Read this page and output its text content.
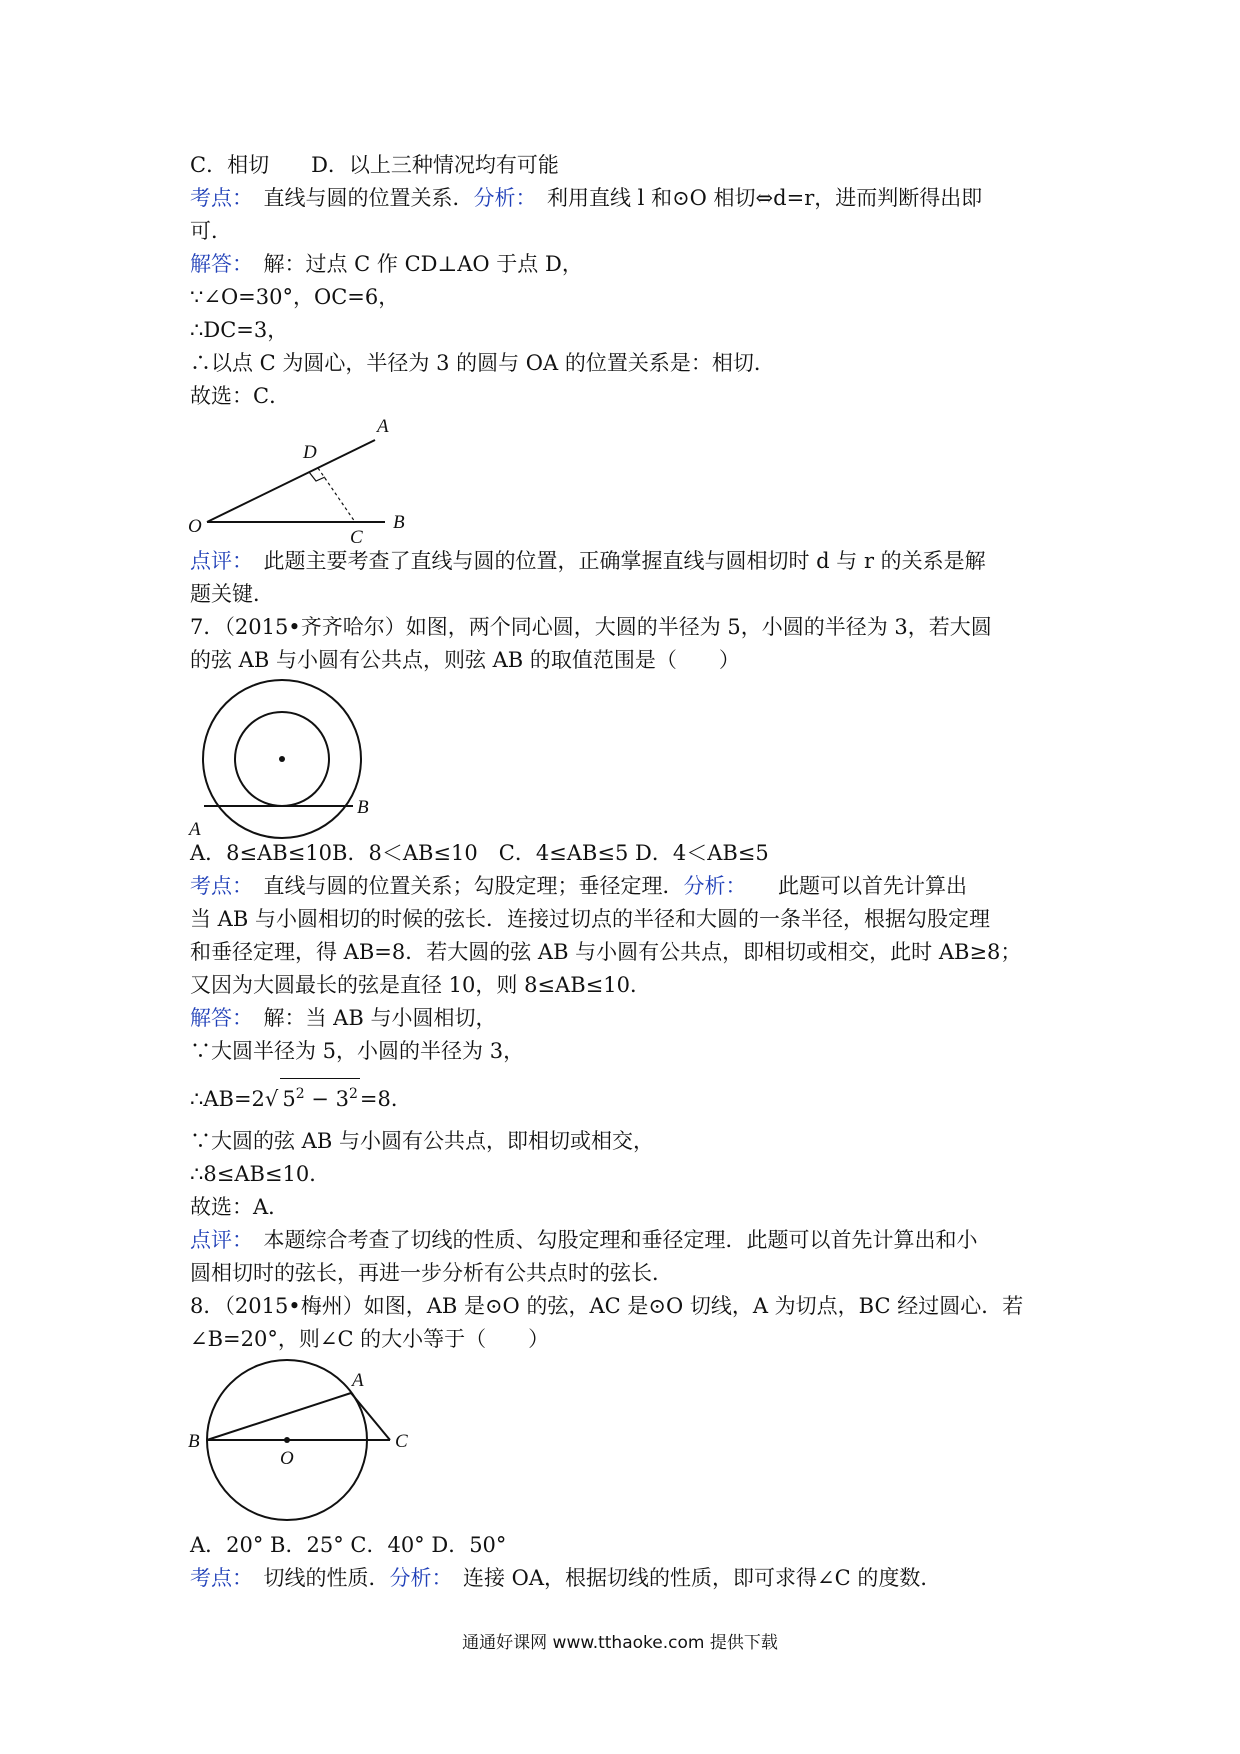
C．相切　　D．以上三种情况均有可能
考点：　直线与圆的位置关系．分析：　利用直线 l 和⊙O 相切⇔d=r，进而判断得出即
可．
解答：　解：过点 C 作 CD⊥AO 于点 D，
∵∠O=30°，OC=6，
∴DC=3，
∴以点 C 为圆心，半径为 3 的圆与 OA 的位置关系是：相切．
故选：C．
A
D
O
C
B
点评：　此题主要考查了直线与圆的位置，正确掌握直线与圆相切时 d 与 r 的关系是解
题关键．
7．（2015•齐齐哈尔）如图，两个同心圆，大圆的半径为 5，小圆的半径为 3，若大圆
的弦 AB 与小圆有公共点，则弦 AB 的取值范围是（　　）
A
B
A．8≤AB≤10B．8＜AB≤10　C．4≤AB≤5 D．4＜AB≤5
考点：　直线与圆的位置关系；勾股定理；垂径定理．分析：　　此题可以首先计算出
当 AB 与小圆相切的时候的弦长．连接过切点的半径和大圆的一条半径，根据勾股定理
和垂径定理，得 AB=8．若大圆的弦 AB 与小圆有公共点，即相切或相交，此时 AB≥8；
又因为大圆最长的弦是直径 10，则 8≤AB≤10．
解答：　解：当 AB 与小圆相切，
∵大圆半径为 5，小圆的半径为 3，
∴AB=2√ $5^2 - 3^2=8$．
∵大圆的弦 AB 与小圆有公共点，即相切或相交，
∴8≤AB≤10．
故选：A．
点评：　本题综合考查了切线的性质、勾股定理和垂径定理．此题可以首先计算出和小
圆相切时的弦长，再进一步分析有公共点时的弦长．
8．（2015•梅州）如图，AB 是⊙O 的弦，AC 是⊙O 切线，A 为切点，BC 经过圆心．若
∠B=20°，则∠C 的大小等于（　　）
A
B
O
C
A．20° B．25° C．40° D．50°
考点：　切线的性质．分析：　连接 OA，根据切线的性质，即可求得∠C 的度数．
通通好课网 www.tthaoke.com 提供下载
